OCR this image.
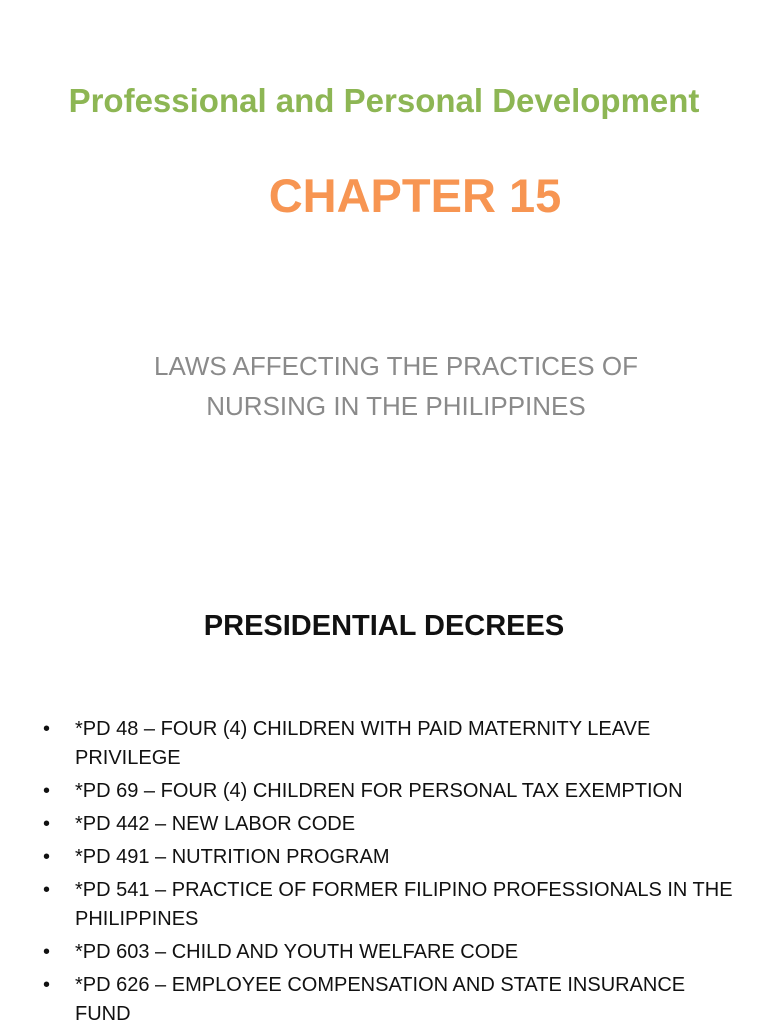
Professional and Personal Development
CHAPTER 15
LAWS AFFECTING THE PRACTICES OF
NURSING IN THE PHILIPPINES
PRESIDENTIAL DECREES
• *PD 48 – FOUR (4) CHILDREN WITH PAID MATERNITY LEAVE PRIVILEGE
• *PD 69 – FOUR (4) CHILDREN FOR PERSONAL TAX EXEMPTION
• *PD 442 – NEW LABOR CODE
• *PD 491 – NUTRITION PROGRAM
• *PD 541 – PRACTICE OF FORMER FILIPINO PROFESSIONALS IN THE PHILIPPINES
• *PD 603 – CHILD AND YOUTH WELFARE CODE
• *PD 626 – EMPLOYEE COMPENSATION AND STATE INSURANCE FUND
